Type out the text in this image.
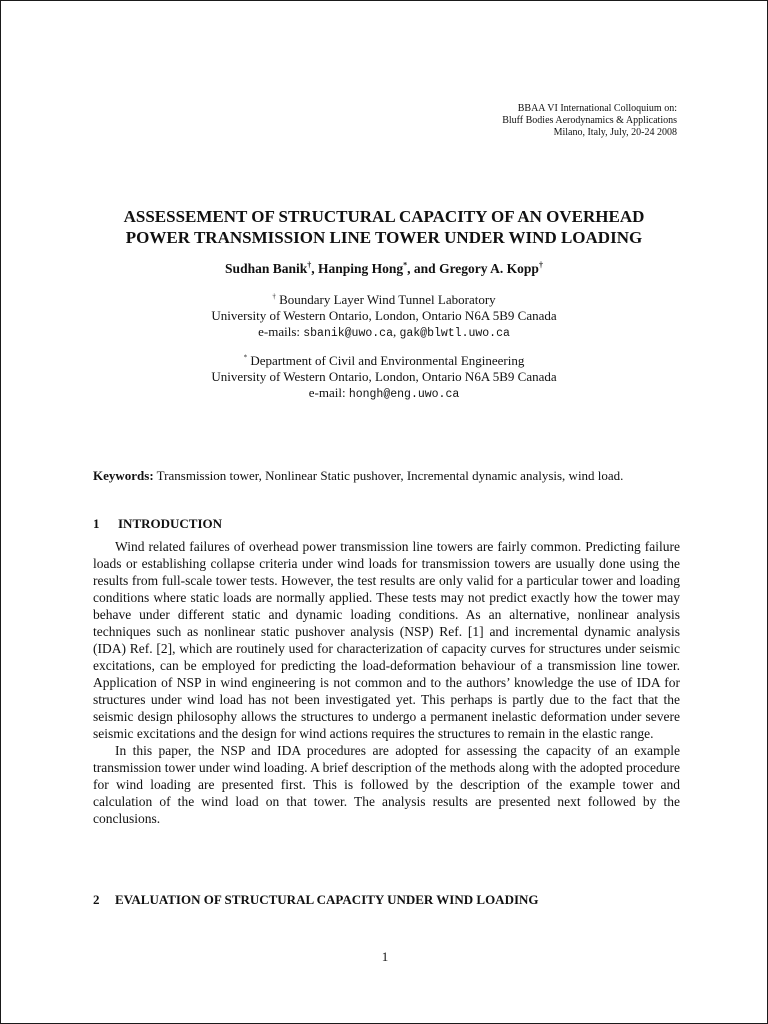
BBAA VI International Colloquium on:
Bluff Bodies Aerodynamics & Applications
Milano, Italy, July, 20-24 2008
ASSESSEMENT OF STRUCTURAL CAPACITY OF AN OVERHEAD
POWER TRANSMISSION LINE TOWER UNDER WIND LOADING
Sudhan Banik†, Hanping Hong*, and Gregory A. Kopp†
† Boundary Layer Wind Tunnel Laboratory
University of Western Ontario, London, Ontario N6A 5B9 Canada
e-mails: sbanik@uwo.ca, gak@blwtl.uwo.ca
* Department of Civil and Environmental Engineering
University of Western Ontario, London, Ontario N6A 5B9 Canada
e-mail: hongh@eng.uwo.ca
Keywords: Transmission tower, Nonlinear Static pushover, Incremental dynamic analysis, wind load.
1 INTRODUCTION

Wind related failures of overhead power transmission line towers are fairly common. Predicting failure loads or establishing collapse criteria under wind loads for transmission towers are usually done using the results from full-scale tower tests. However, the test results are only valid for a particular tower and loading conditions where static loads are normally applied. These tests may not predict exactly how the tower may behave under different static and dynamic loading conditions. As an alternative, nonlinear analysis techniques such as nonlinear static pushover analysis (NSP) Ref. [1] and incremental dynamic analysis (IDA) Ref. [2], which are routinely used for characterization of capacity curves for structures under seismic excitations, can be employed for predicting the load-deformation behaviour of a transmission line tower. Application of NSP in wind engineering is not common and to the authors’ knowledge the use of IDA for structures under wind load has not been investigated yet. This perhaps is partly due to the fact that the seismic design philosophy allows the structures to undergo a permanent inelastic deformation under severe seismic excitations and the design for wind actions requires the structures to remain in the elastic range.

In this paper, the NSP and IDA procedures are adopted for assessing the capacity of an example transmission tower under wind loading. A brief description of the methods along with the adopted procedure for wind loading are presented first. This is followed by the description of the example tower and calculation of the wind load on that tower. The analysis results are presented next followed by the conclusions.

2 EVALUATION OF STRUCTURAL CAPACITY UNDER WIND LOADING
1
